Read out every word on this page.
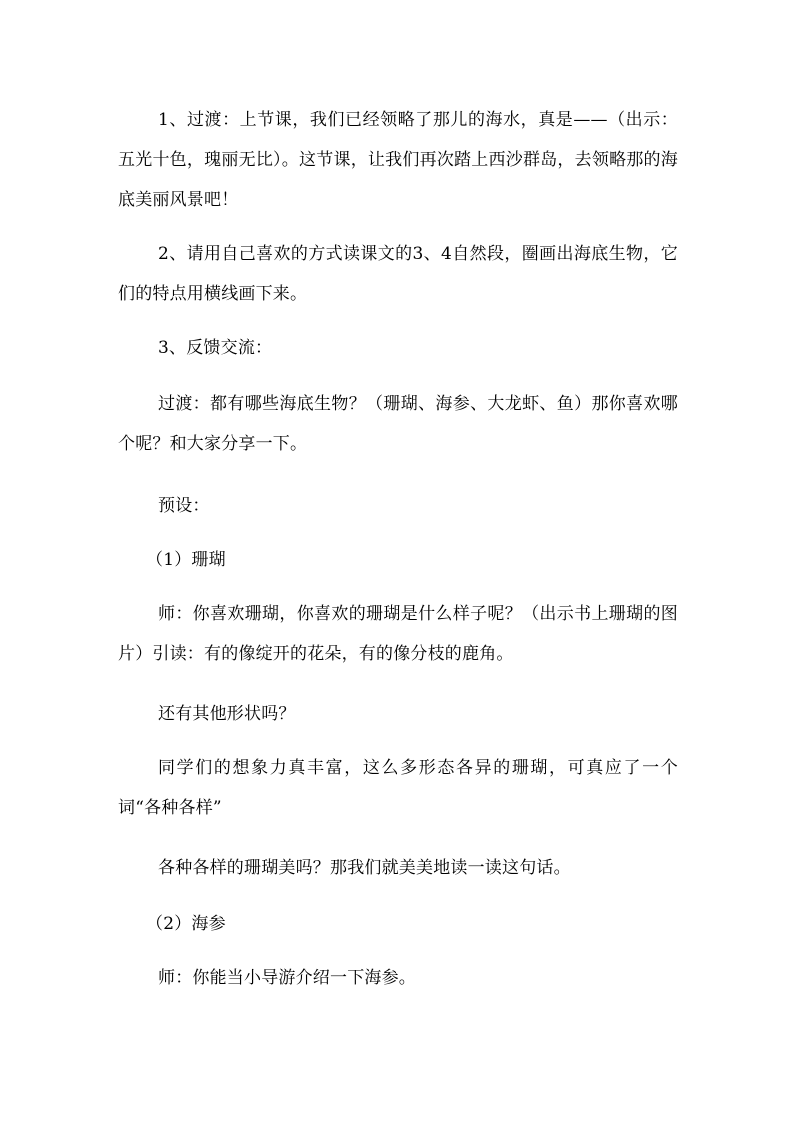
1、过渡：上节课，我们已经领略了那儿的海水，真是——（出示：五光十色，瑰丽无比）。这节课，让我们再次踏上西沙群岛，去领略那的海底美丽风景吧！

2、请用自己喜欢的方式读课文的3、4自然段，圈画出海底生物，它们的特点用横线画下来。

3、反馈交流：

过渡：都有哪些海底生物？（珊瑚、海参、大龙虾、鱼）那你喜欢哪个呢？和大家分享一下。

预设：

（1）珊瑚

师：你喜欢珊瑚，你喜欢的珊瑚是什么样子呢？（出示书上珊瑚的图片）引读：有的像绽开的花朵，有的像分枝的鹿角。

还有其他形状吗？

同学们的想象力真丰富，这么多形态各异的珊瑚，可真应了一个词“各种各样”

各种各样的珊瑚美吗？那我们就美美地读一读这句话。

（2）海参

师：你能当小导游介绍一下海参。
